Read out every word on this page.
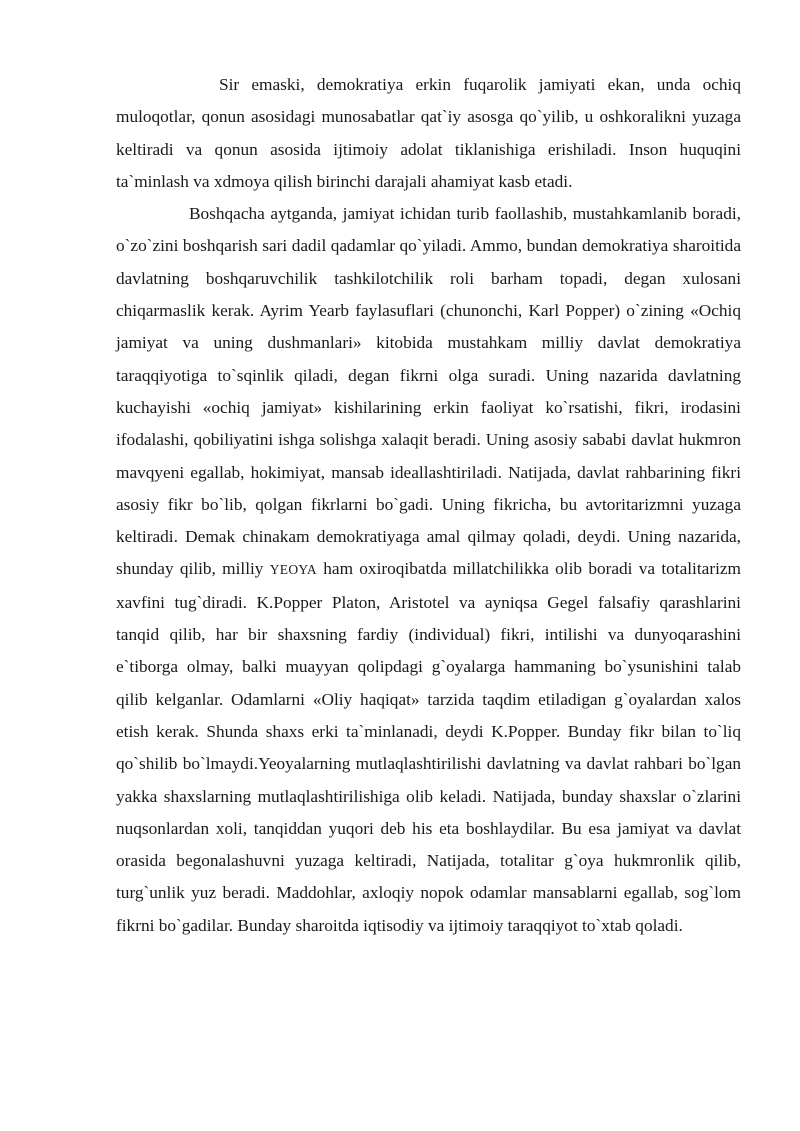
Sir emaski, demokratiya erkin fuqarolik jamiyati ekan, unda ochiq muloqotlar, qonun asosidagi munosabatlar qat`iy asosga qo`yilib, u oshkoralikni yuzaga keltiradi va qonun asosida ijtimoiy adolat tiklanishiga erishiladi. Inson huquqini ta`minlash va xdmoya qilish birinchi darajali ahamiyat kasb etadi.

Boshqacha aytganda, jamiyat ichidan turib faollashib, mustahkamlanib boradi, o`zo`zini boshqarish sari dadil qadamlar qo`yiladi. Ammo, bundan demokratiya sharoitida davlatning boshqaruvchilik tashkilotchilik roli barham topadi, degan xulosani chiqarmaslik kerak. Ayrim Yearb faylasuflari (chunonchi, Karl Popper) o`zining «Ochiq jamiyat va uning dushmanlari» kitobida mustahkam milliy davlat demokratiya taraqqiyotiga to`sqinlik qiladi, degan fikrni olga suradi. Uning nazarida davlatning kuchayishi «ochiq jamiyat» kishilarining erkin faoliyat ko`rsatishi, fikri, irodasini ifodalashi, qobiliyatini ishga solishga xalaqit beradi. Uning asosiy sababi davlat hukmron mavqyeni egallab, hokimiyat, mansab ideallashtiriladi. Natijada, davlat rahbarining fikri asosiy fikr bo`lib, qolgan fikrlarni bo`gadi. Uning fikricha, bu avtoritarizmni yuzaga keltiradi. Demak chinakam demokratiyaga amal qilmay qoladi, deydi. Uning nazarida, shunday qilib, milliy YEOYA ham oxiroqibatda millatchilikka olib boradi va totalitarizm xavfini tug`diradi. K.Popper Platon, Aristotel va ayniqsa Gegel falsafiy qarashlarini tanqid qilib, har bir shaxsning fardiy (individual) fikri, intilishi va dunyoqarashini e`tiborga olmay, balki muayyan qolipdagi g`oyalarga hammaning bo`ysunishini talab qilib kelganlar. Odamlarni «Oliy haqiqat» tarzida taqdim etiladigan g`oyalardan xalos etish kerak. Shunda shaxs erki ta`minlanadi, deydi K.Popper. Bunday fikr bilan to`liq qo`shilib bo`lmaydi.Yeoyalarning mutlaqlashtirilishi davlatning va davlat rahbari bo`lgan yakka shaxslarning mutlaqlashtirilishiga olib keladi. Natijada, bunday shaxslar o`zlarini nuqsonlardan xoli, tanqiddan yuqori deb his eta boshlaydilar. Bu esa jamiyat va davlat orasida begonalashuvni yuzaga keltiradi, Natijada, totalitar g`oya hukmronlik qilib, turg`unlik yuz beradi. Maddohlar, axloqiy nopok odamlar mansablarni egallab, sog`lom fikrni bo`gadilar. Bunday sharoitda iqtisodiy va ijtimoiy taraqqiyot to`xtab qoladi.
